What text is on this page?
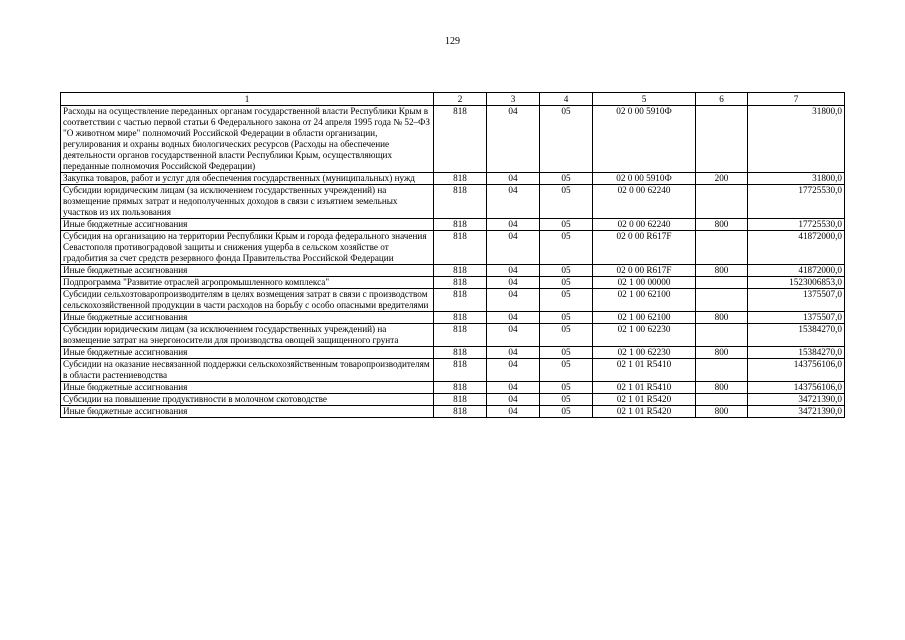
129
1	2	3	4	5	6	7
Расходы на осуществление переданных органам государственной власти Республики Крым в соответствии с частью первой статьи 6 Федерального закона от 24 апреля 1995 года № 52–ФЗ "О животном мире" полномочий Российской Федерации в области организации, регулирования и охраны водных биологических ресурсов (Расходы на обеспечение деятельности органов государственной власти Республики Крым, осуществляющих переданные полномочия Российской Федерации)	818	04	05	02 0 00 5910Ф		31800,0
Закупка товаров, работ и услуг для обеспечения государственных (муниципальных) нужд	818	04	05	02 0 00 5910Ф	200	31800,0
Субсидии юридическим лицам (за исключением государственных учреждений) на возмещение прямых затрат и недополученных доходов в связи с изъятием земельных участков из их пользования	818	04	05	02 0 00 62240		17725530,0
Иные бюджетные ассигнования	818	04	05	02 0 00 62240	800	17725530,0
Субсидия на организацию на территории Республики Крым и города федерального значения Севастополя противоградовой защиты и снижения ущерба в сельском хозяйстве от градобития за счет средств резервного фонда Правительства Российской Федерации	818	04	05	02 0 00 R617F		41872000,0
Иные бюджетные ассигнования	818	04	05	02 0 00 R617F	800	41872000,0
Подпрограмма "Развитие отраслей агропромышленного комплекса"	818	04	05	02 1 00 00000		1523006853,0
Субсидии сельхозтоваропроизводителям в целях возмещения затрат в связи с производством сельскохозяйственной продукции в части расходов на борьбу с особо опасными вредителями	818	04	05	02 1 00 62100		1375507,0
Иные бюджетные ассигнования	818	04	05	02 1 00 62100	800	1375507,0
Субсидии юридическим лицам (за исключением государственных учреждений) на возмещение затрат на энергоносители для производства овощей защищенного грунта	818	04	05	02 1 00 62230		15384270,0
Иные бюджетные ассигнования	818	04	05	02 1 00 62230	800	15384270,0
Субсидии на оказание несвязанной поддержки сельскохозяйственным товаропроизводителям в области растениеводства	818	04	05	02 1 01 R5410		143756106,0
Иные бюджетные ассигнования	818	04	05	02 1 01 R5410	800	143756106,0
Субсидии на повышение продуктивности в молочном скотоводстве	818	04	05	02 1 01 R5420		34721390,0
Иные бюджетные ассигнования	818	04	05	02 1 01 R5420	800	34721390,0
